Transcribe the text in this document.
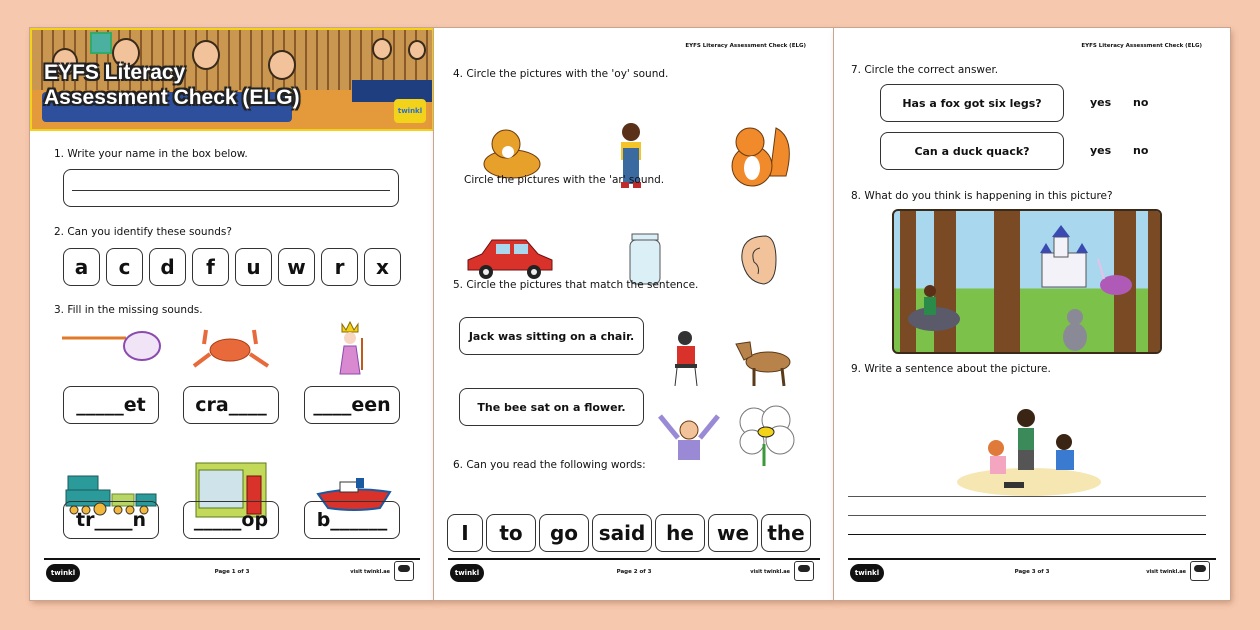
EYFS Literacy
Assessment Check (ELG)
twinkl
1. Write your name in the box below.
2. Can you identify these sounds?
a	c	d	f	u	w	r	x
3. Fill in the missing sounds.
_____et	cra____	____een
tr____n	_____op	b______
twinkl	Page 1 of 3	visit twinkl.ae
EYFS Literacy Assessment Check (ELG)
4. Circle the pictures with the 'oy' sound.
Circle the pictures with the 'ar' sound.
5. Circle the pictures that match the sentence.
Jack was sitting on a chair.
The bee sat on a flower.
6. Can you read the following words:
I	to	go	said	he	we the
twinkl	Page 2 of 3	visit twinkl.ae
EYFS Literacy Assessment Check (ELG)
7. Circle the correct answer.
Has a fox got six legs?	yes no
Can a duck quack?	yes no
8. What do you think is happening in this picture?
9. Write a sentence about the picture.
twinkl	Page 3 of 3	visit twinkl.ae
